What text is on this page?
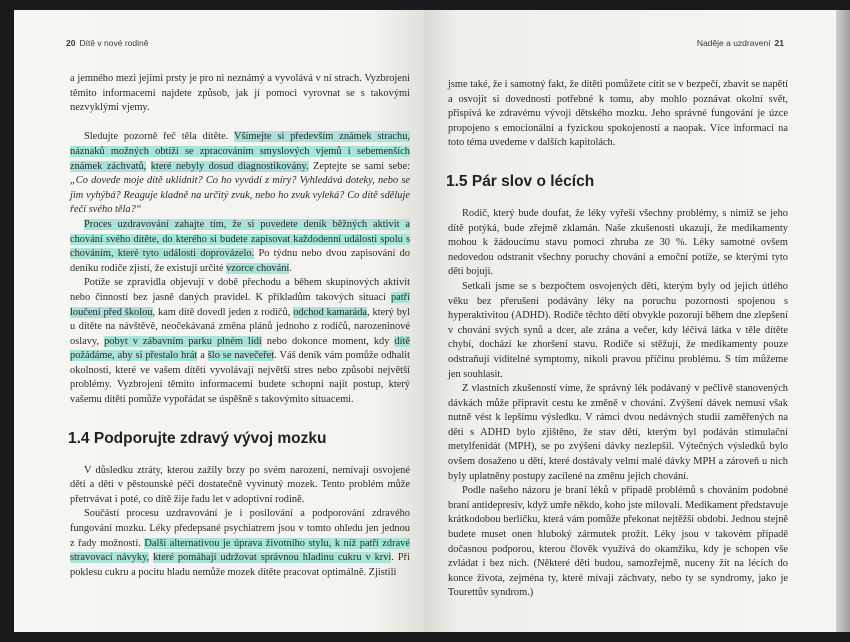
20 Dítě v nové rodině

a jemného mezi jejími prsty je pro ni neznámý a vyvolává v ní strach. Vyzbrojeni těmito informacemi najdete způsob, jak jí pomoci vyrovnat se s takovými nezvyklými vjemy.

Sledujte pozorně řeč těla dítěte. Všímejte si především známek strachu, náznaků možných obtíží se zpracováním smyslových vjemů i sebemenších známek záchvatů, které nebyly dosud diagnostikovány. Zeptejte se sami sebe: „Co dovede moje dítě uklidnit? Co ho vyvádí z míry? Vyhledává doteky, nebo se jim vyhýbá? Reaguje kladně na určitý zvuk, nebo ho zvuk vyleká? Co dítě sděluje řečí svého těla?“

Proces uzdravování zahajte tím, že si povedete deník běžných aktivit a chování svého dítěte, do kterého si budete zapisovat každodenní události spolu s chováním, které tyto události doprovázelo. Po týdnu nebo dvou zapisování do deníku rodiče zjistí, že existují určité vzorce chování.

Potíže se zpravidla objevují v době přechodu a během skupinových aktivit nebo činností bez jasně daných pravidel. K příkladům takových situací patří loučení před školou, kam dítě dovedl jeden z rodičů, odchod kamaráda, který byl u dítěte na návštěvě, neočekávaná změna plánů jednoho z rodičů, narozeninové oslavy, pobyt v zábavním parku plném lidí nebo dokonce moment, kdy dítě požádáme, aby si přestalo hrát a šlo se navečeřet. Váš deník vám pomůže odhalit okolnosti, které ve vašem dítěti vyvolávají největší stres nebo způsobí největší problémy. Vyzbrojeni těmito informacemi budete schopni najít postup, který vašemu dítěti pomůže vypořádat se úspěšně s takovýmito situacemi.

1.4 Podporujte zdravý vývoj mozku

V důsledku ztráty, kterou zažily brzy po svém narození, nemívají osvojené děti a děti v pěstounské péči dostatečně vyvinutý mozek. Tento problém může přetrvávat i poté, co dítě žije řadu let v adoptivní rodině.

Součástí procesu uzdravování je i posilování a podporování zdravého fungování mozku. Léky předepsané psychiatrem jsou v tomto ohledu jen jednou z řady možností. Další alternativou je úprava životního stylu, k níž patří zdravé stravovací návyky, které pomáhají udržovat správnou hladinu cukru v krvi. Při poklesu cukru a pocitu hladu nemůže mozek dítěte pracovat optimálně. Zjistili

Naděje a uzdravení 21

jsme také, že i samotný fakt, že dítěti pomůžete cítit se v bezpečí, zbavit se napětí a osvojit si dovednosti potřebné k tomu, aby mohlo poznávat okolní svět, přispívá ke zdravému vývoji dětského mozku. Jeho správné fungování je úzce propojeno s emocionální a fyzickou spokojeností a naopak. Více informací na toto téma uvedeme v dalších kapitolách.

1.5 Pár slov o lécích

Rodič, který bude doufat, že léky vyřeší všechny problémy, s nimiž se jeho dítě potýká, bude zřejmě zklamán. Naše zkušenosti ukazují, že medikamenty mohou k žádoucímu stavu pomoci zhruba ze 30 %. Léky samotné ovšem nedovedou odstranit všechny poruchy chování a emoční potíže, se kterými tyto děti bojují.

Setkali jsme se s bezpočtem osvojených dětí, kterým byly od jejich útlého věku bez přerušení podávány léky na poruchu pozornosti spojenou s hyperaktivitou (ADHD). Rodiče těchto dětí obvykle pozorují během dne zlepšení v chování svých synů a dcer, ale zrána a večer, kdy léčivá látka v těle dítěte chybí, dochází ke zhoršení stavu. Rodiče si stěžují, že medikamenty pouze odstraňují viditelné symptomy, nikoli pravou příčinu problému. S tím můžeme jen souhlasit.

Z vlastních zkušeností víme, že správný lék podávaný v pečlivě stanovených dávkách může připravit cestu ke změně v chování. Zvýšení dávek nemusí však nutně vést k lepšímu výsledku. V rámci dvou nedávných studií zaměřených na děti s ADHD bylo zjištěno, že stav dětí, kterým byl podáván stimulační metylfenidát (MPH), se po zvýšení dávky nezlepšil. Výtečných výsledků bylo ovšem dosaženo u dětí, které dostávaly velmi malé dávky MPH a zároveň u nich byly uplatněny postupy zacílené na změnu jejich chování.

Podle našeho názoru je braní léků v případě problémů s chováním podobné braní antidepresiv, když umře někdo, koho jste milovali. Medikament představuje krátkodobou berličku, která vám pomůže překonat nejtěžší období. Jednou stejně budete muset onen hluboký zármutek prožít. Léky jsou v takovém případě dočasnou podporou, kterou člověk využívá do okamžiku, kdy je schopen vše zvládat i bez nich. (Některé děti budou, samozřejmě, nuceny žít na lécích do konce života, zejména ty, které mívají záchvaty, nebo ty se syndromy, jako je Tourettův syndrom.)
